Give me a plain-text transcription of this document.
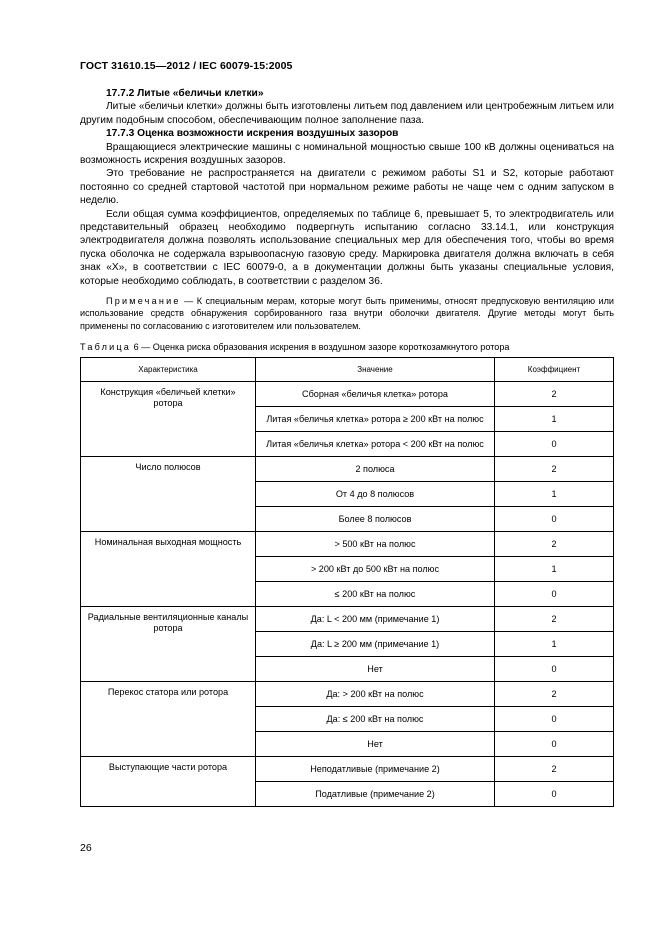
ГОСТ 31610.15—2012 / IEC 60079-15:2005

17.7.2 Литые «беличьи клетки»

Литые «беличьи клетки» должны быть изготовлены литьем под давлением или центробежным литьем или другим подобным способом, обеспечивающим полное заполнение паза.

17.7.3 Оценка возможности искрения воздушных зазоров

Вращающиеся электрические машины с номинальной мощностью свыше 100 кВ должны оцениваться на возможность искрения воздушных зазоров.

Это требование не распространяется на двигатели с режимом работы S1 и S2, которые работают постоянно со средней стартовой частотой при нормальном режиме работы не чаще чем с одним запуском в неделю.

Если общая сумма коэффициентов, определяемых по таблице 6, превышает 5, то электродвигатель или представительный образец необходимо подвергнуть испытанию согласно 33.14.1, или конструкция электродвигателя должна позволять использование специальных мер для обеспечения того, чтобы во время пуска оболочка не содержала взрывоопасную газовую среду. Маркировка двигателя должна включать в себя знак «X», в соответствии с IEC 60079-0, а в документации должны быть указаны специальные условия, которые необходимо соблюдать, в соответствии с разделом 36.

Примечание — К специальным мерам, которые могут быть применимы, относят предпусковую вентиляцию или использование средств обнаружения сорбированного газа внутри оболочки двигателя. Другие методы могут быть применены по согласованию с изготовителем или пользователем.

Таблица 6 — Оценка риска образования искрения в воздушном зазоре короткозамкнутого ротора
Характеристика	Значение	Коэффициент
Конструкция «беличьей клетки» ротора	Сборная «беличья клетка» ротора	2
	Литая «беличья клетка» ротора ≥ 200 кВт на полюс	1
	Литая «беличья клетка» ротора < 200 кВт на полюс	0
Число полюсов	2 полюса	2
	От 4 до 8 полюсов	1
	Более 8 полюсов	0
Номинальная выходная мощность	> 500 кВт на полюс	2
	> 200 кВт до 500 кВт на полюс	1
	≤ 200 кВт на полюс	0
Радиальные вентиляционные каналы ротора	Да: L < 200 мм (примечание 1)	2
	Да: L ≥ 200 мм (примечание 1)	1
	Нет	0
Перекос статора или ротора	Да: > 200 кВт на полюс	2
	Да: ≤ 200 кВт на полюс	0
	Нет	0
Выступающие части ротора	Неподатливые (примечание 2)	2
	Податливые (примечание 2)	0
26
